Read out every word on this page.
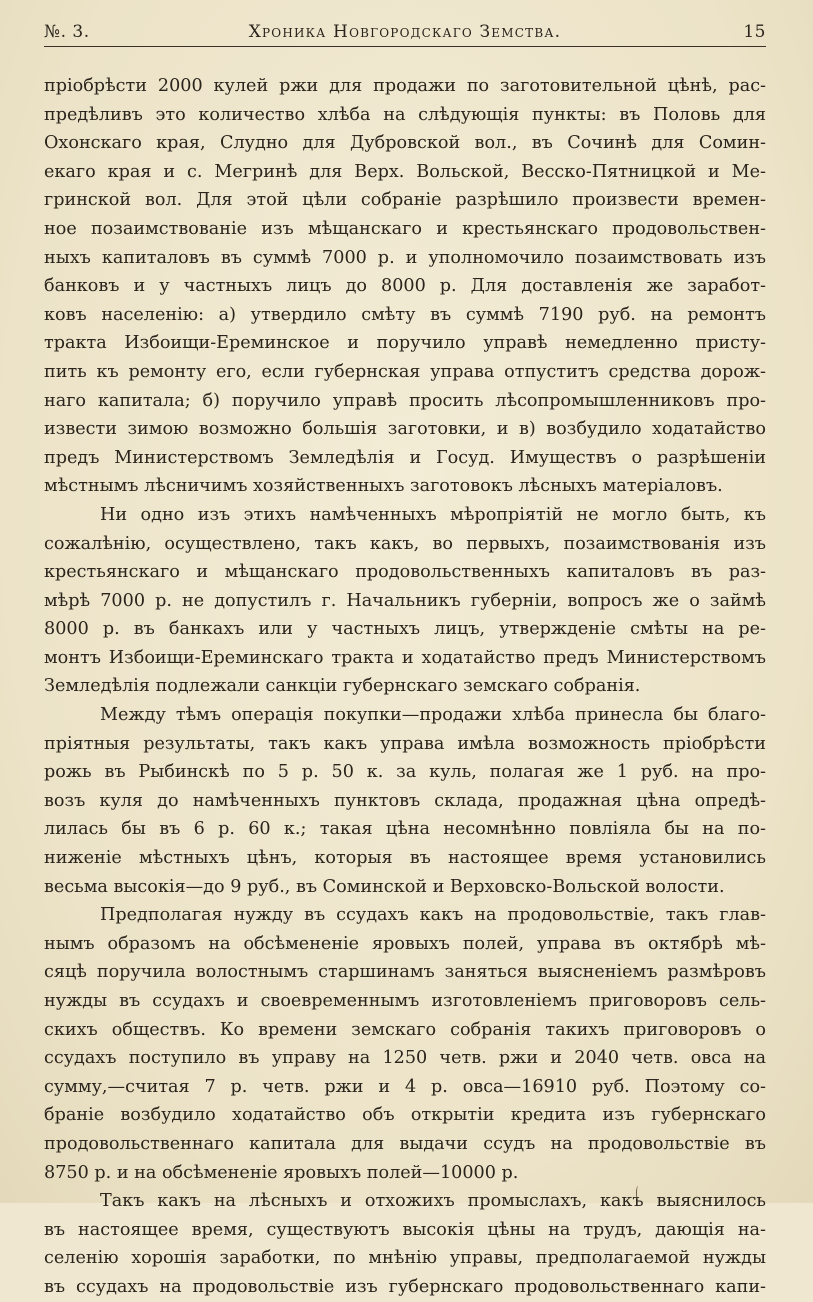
№. 3.	Хроника Новгородскаго Земства.	15
пріобрѣсти 2000 кулей ржи для продажи по заготовительной цѣнѣ, рас-
предѣливъ это количество хлѣба на слѣдующія пункты: въ Половь для
Охонскаго края, Слудно для Дубровской вол., въ Сочинѣ для Сомин-
екаго края и с. Мегринѣ для Верх. Вольской, Весско-Пятницкой и Ме-
гринской вол. Для этой цѣли собраніе разрѣшило произвести времен-
ное позаимствованіе изъ мѣщанскаго и крестьянскаго продовольствен-
ныхъ капиталовъ въ суммѣ 7000 р. и уполномочило позаимствовать изъ
банковъ и у частныхъ лицъ до 8000 р. Для доставленія же заработ-
ковъ населенію: а) утвердило смѣту въ суммѣ 7190 руб. на ремонтъ
тракта Избоищи-Ереминское и поручило управѣ немедленно присту-
пить къ ремонту его, если губернская управа отпуститъ средства дорож-
наго капитала; б) поручило управѣ просить лѣсопромышленниковъ про-
извести зимою возможно большія заготовки, и в) возбудило ходатайство
предъ Министерствомъ Земледѣлія и Госуд. Имуществъ о разрѣшеніи
мѣстнымъ лѣсничимъ хозяйственныхъ заготовокъ лѣсныхъ матеріаловъ.
Ни одно изъ этихъ намѣченныхъ мѣропріятій не могло быть, къ
сожалѣнію, осуществлено, такъ какъ, во первыхъ, позаимствованія изъ
крестьянскаго и мѣщанскаго продовольственныхъ капиталовъ въ раз-
мѣрѣ 7000 р. не допустилъ г. Начальникъ губерніи, вопросъ же о займѣ
8000 р. въ банкахъ или у частныхъ лицъ, утвержденіе смѣты на ре-
монтъ Избоищи-Ереминскаго тракта и ходатайство предъ Министерствомъ
Земледѣлія подлежали санкціи губернскаго земскаго собранія.
Между тѣмъ операція покупки—продажи хлѣба принесла бы благо-
пріятныя результаты, такъ какъ управа имѣла возможность пріобрѣсти
рожь въ Рыбинскѣ по 5 р. 50 к. за куль, полагая же 1 руб. на про-
возъ куля до намѣченныхъ пунктовъ склада, продажная цѣна опредѣ-
лилась бы въ 6 р. 60 к.; такая цѣна несомнѣнно повліяла бы на по-
ниженіе мѣстныхъ цѣнъ, которыя въ настоящее время установились
весьма высокія—до 9 руб., въ Соминской и Верховско-Вольской волости.
Предполагая нужду въ ссудахъ какъ на продовольствіе, такъ глав-
нымъ образомъ на обсѣмененіе яровыхъ полей, управа въ октябрѣ мѣ-
сяцѣ поручила волостнымъ старшинамъ заняться выясненіемъ размѣровъ
нужды въ ссудахъ и своевременнымъ изготовленіемъ приговоровъ сель-
скихъ обществъ. Ко времени земскаго собранія такихъ приговоровъ о
ссудахъ поступило въ управу на 1250 четв. ржи и 2040 четв. овса на
сумму,—считая 7 р. четв. ржи и 4 р. овса—16910 руб. Поэтому со-
браніе возбудило ходатайство объ открытіи кредита изъ губернскаго
продовольственнаго капитала для выдачи ссудъ на продовольствіе въ
8750 р. и на обсѣмененіе яровыхъ полей—10000 р.
Такъ какъ на лѣсныхъ и отхожихъ промыслахъ, какъ выяснилось
въ настоящее время, существуютъ высокія цѣны на трудъ, дающія на-
селенію хорошія заработки, по мнѣнію управы, предполагаемой нужды
въ ссудахъ на продовольствіе изъ губернскаго продовольственнаго капи-
